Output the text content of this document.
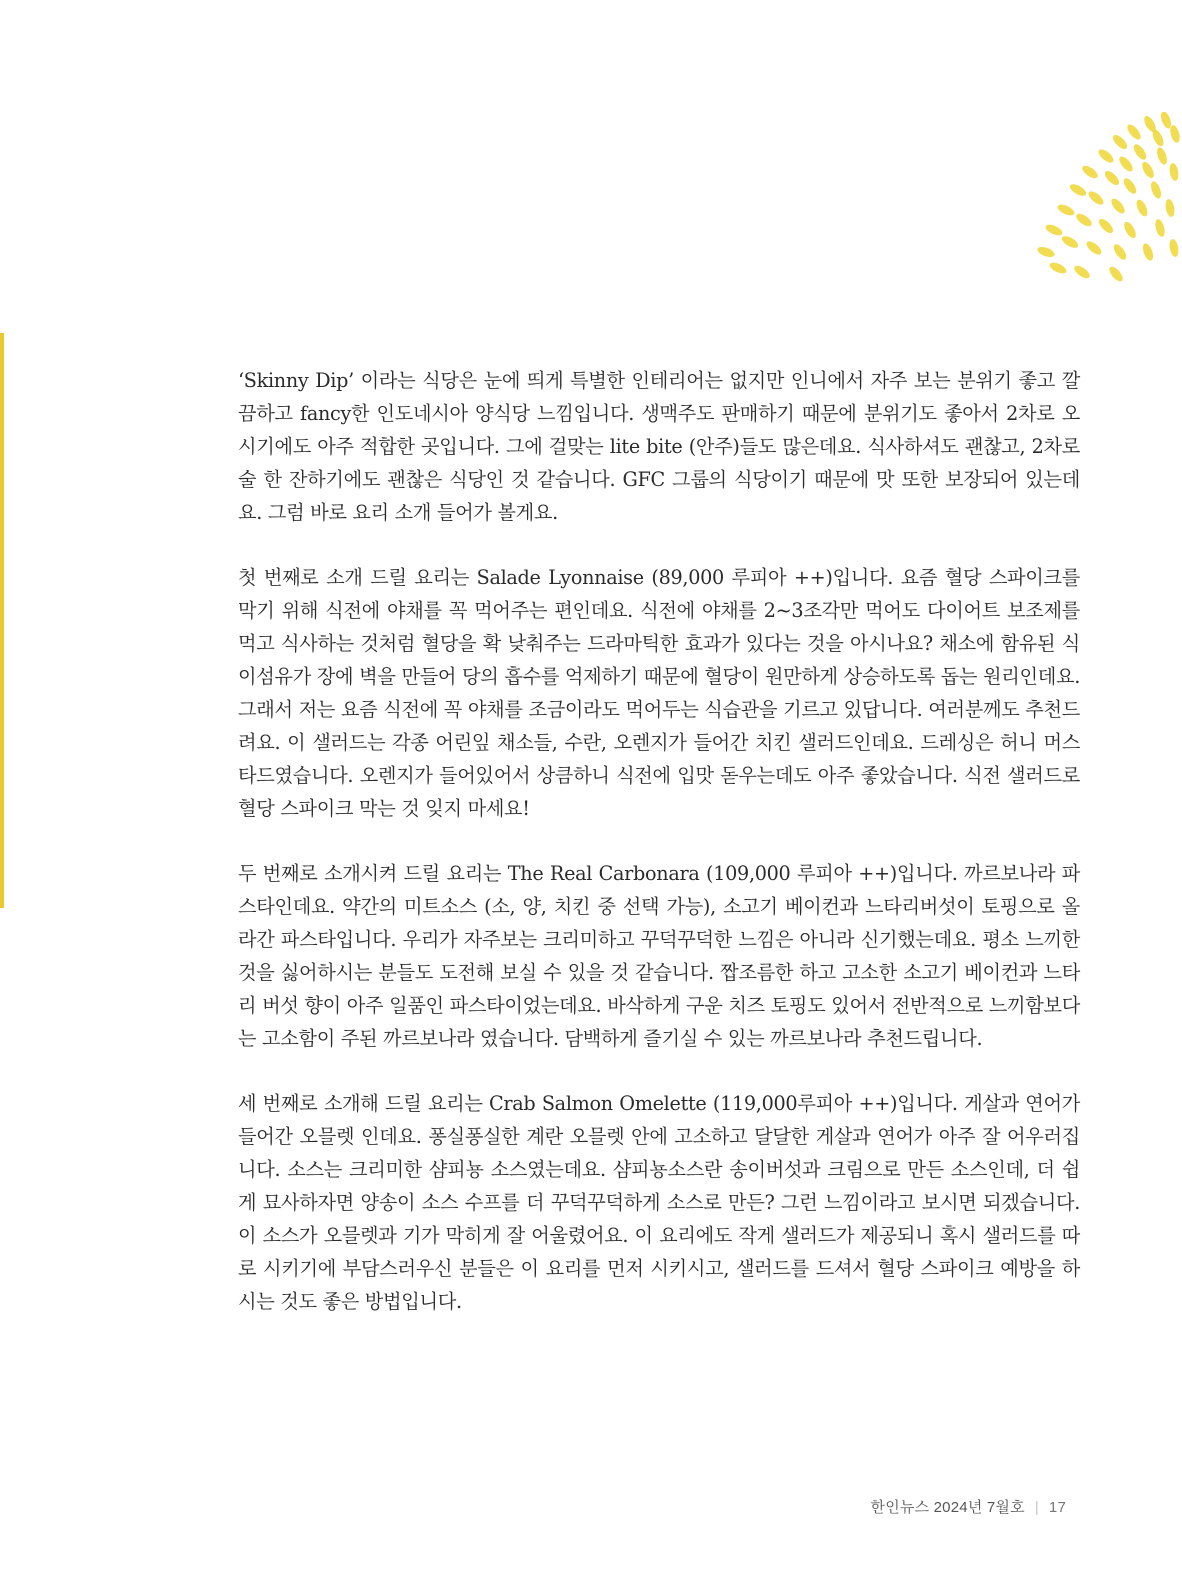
‘Skinny Dip’ 이라는 식당은 눈에 띄게 특별한 인테리어는 없지만 인니에서 자주 보는 분위기 좋고 깔끔하고 fancy한 인도네시아 양식당 느낌입니다. 생맥주도 판매하기 때문에 분위기도 좋아서 2차로 오시기에도 아주 적합한 곳입니다. 그에 걸맞는 lite bite (안주)들도 많은데요. 식사하셔도 괜찮고, 2차로 술 한 잔하기에도 괜찮은 식당인 것 같습니다. GFC 그룹의 식당이기 때문에 맛 또한 보장되어 있는데요. 그럼 바로 요리 소개 들어가 볼게요.

첫 번째로 소개 드릴 요리는 Salade Lyonnaise (89,000 루피아 ++)입니다. 요즘 혈당 스파이크를 막기 위해 식전에 야채를 꼭 먹어주는 편인데요. 식전에 야채를 2~3조각만 먹어도 다이어트 보조제를 먹고 식사하는 것처럼 혈당을 확 낮춰주는 드라마틱한 효과가 있다는 것을 아시나요? 채소에 함유된 식이섬유가 장에 벽을 만들어 당의 흡수를 억제하기 때문에 혈당이 원만하게 상승하도록 돕는 원리인데요. 그래서 저는 요즘 식전에 꼭 야채를 조금이라도 먹어두는 식습관을 기르고 있답니다. 여러분께도 추천드려요. 이 샐러드는 각종 어린잎 채소들, 수란, 오렌지가 들어간 치킨 샐러드인데요. 드레싱은 허니 머스타드였습니다. 오렌지가 들어있어서 상큼하니 식전에 입맛 돋우는데도 아주 좋았습니다. 식전 샐러드로 혈당 스파이크 막는 것 잊지 마세요!

두 번째로 소개시켜 드릴 요리는 The Real Carbonara (109,000 루피아 ++)입니다. 까르보나라 파스타인데요. 약간의 미트소스 (소, 양, 치킨 중 선택 가능), 소고기 베이컨과 느타리버섯이 토핑으로 올라간 파스타입니다. 우리가 자주보는 크리미하고 꾸덕꾸덕한 느낌은 아니라 신기했는데요. 평소 느끼한 것을 싫어하시는 분들도 도전해 보실 수 있을 것 같습니다. 짭조름한 하고 고소한 소고기 베이컨과 느타리 버섯 향이 아주 일품인 파스타이었는데요. 바삭하게 구운 치즈 토핑도 있어서 전반적으로 느끼함보다는 고소함이 주된 까르보나라 였습니다. 담백하게 즐기실 수 있는 까르보나라 추천드립니다.

세 번째로 소개해 드릴 요리는 Crab Salmon Omelette (119,000루피아 ++)입니다. 게살과 연어가 들어간 오믈렛 인데요. 퐁실퐁실한 계란 오믈렛 안에 고소하고 달달한 게살과 연어가 아주 잘 어우러집니다. 소스는 크리미한 샴피뇽 소스였는데요. 샴피뇽소스란 송이버섯과 크림으로 만든 소스인데, 더 쉽게 묘사하자면 양송이 소스 수프를 더 꾸덕꾸덕하게 소스로 만든? 그런 느낌이라고 보시면 되겠습니다. 이 소스가 오믈렛과 기가 막히게 잘 어울렸어요. 이 요리에도 작게 샐러드가 제공되니 혹시 샐러드를 따로 시키기에 부담스러우신 분들은 이 요리를 먼저 시키시고, 샐러드를 드셔서 혈당 스파이크 예방을 하시는 것도 좋은 방법입니다.

한인뉴스 2024년 7월호 | 17
